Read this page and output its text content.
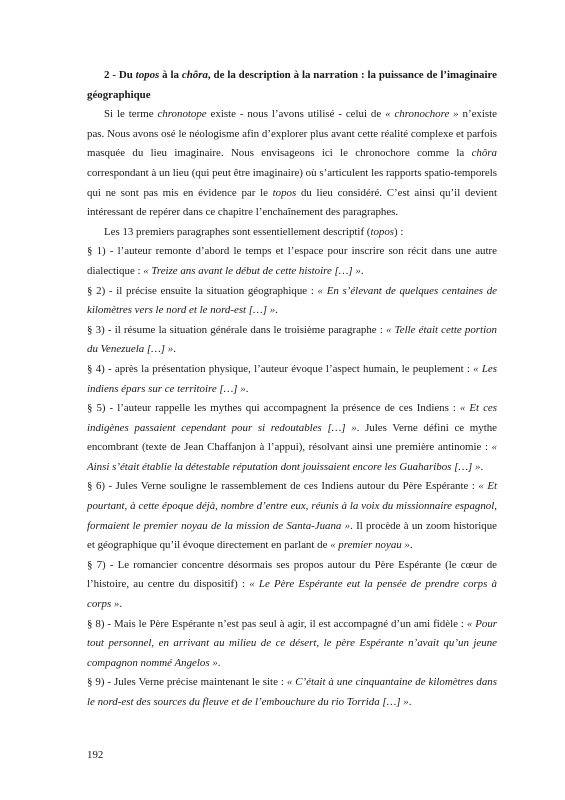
2 - Du topos à la chôra, de la description à la narration : la puissance de l’imaginaire géographique

Si le terme chronotope existe - nous l’avons utilisé - celui de « chronochore » n’existe pas. Nous avons osé le néologisme afin d’explorer plus avant cette réalité complexe et parfois masquée du lieu imaginaire. Nous envisageons ici le chronochore comme la chôra correspondant à un lieu (qui peut être imaginaire) où s’articulent les rapports spatio-temporels qui ne sont pas mis en évidence par le topos du lieu considéré. C’est ainsi qu’il devient intéressant de repérer dans ce chapitre l’enchaînement des paragraphes.

Les 13 premiers paragraphes sont essentiellement descriptif (topos) :

§ 1) - l’auteur remonte d’abord le temps et l’espace pour inscrire son récit dans une autre dialectique : « Treize ans avant le début de cette histoire […] ».

§ 2) - il précise ensuite la situation géographique : « En s’élevant de quelques centaines de kilomètres vers le nord et le nord-est […] ».

§ 3) - il résume la situation générale dans le troisième paragraphe : « Telle était cette portion du Venezuela […] ».

§ 4) - après la présentation physique, l’auteur évoque l’aspect humain, le peuplement : « Les indiens épars sur ce territoire […] ».

§ 5) - l’auteur rappelle les mythes qui accompagnent la présence de ces Indiens : « Et ces indigènes passaient cependant pour si redoutables […] ». Jules Verne défini ce mythe encombrant (texte de Jean Chaffanjon à l’appui), résolvant ainsi une première antinomie : « Ainsi s’était établie la détestable réputation dont jouissaient encore les Guaharibos […] ».

§ 6) - Jules Verne souligne le rassemblement de ces Indiens autour du Père Espérante : « Et pourtant, à cette époque déjà, nombre d’entre eux, réunis à la voix du missionnaire espagnol, formaient le premier noyau de la mission de Santa-Juana ». Il procède à un zoom historique et géographique qu’il évoque directement en parlant de « premier noyau ».

§ 7) - Le romancier concentre désormais ses propos autour du Père Espérante (le cœur de l’histoire, au centre du dispositif) : « Le Père Espérante eut la pensée de prendre corps à corps ».

§ 8) - Mais le Père Espérante n’est pas seul à agir, il est accompagné d’un ami fidèle : « Pour tout personnel, en arrivant au milieu de ce désert, le père Espérante n’avait qu’un jeune compagnon nommé Angelos ».

§ 9) - Jules Verne précise maintenant le site : « C’était à une cinquantaine de kilomètres dans le nord-est des sources du fleuve et de l’embouchure du rio Torrida […] ».

192
